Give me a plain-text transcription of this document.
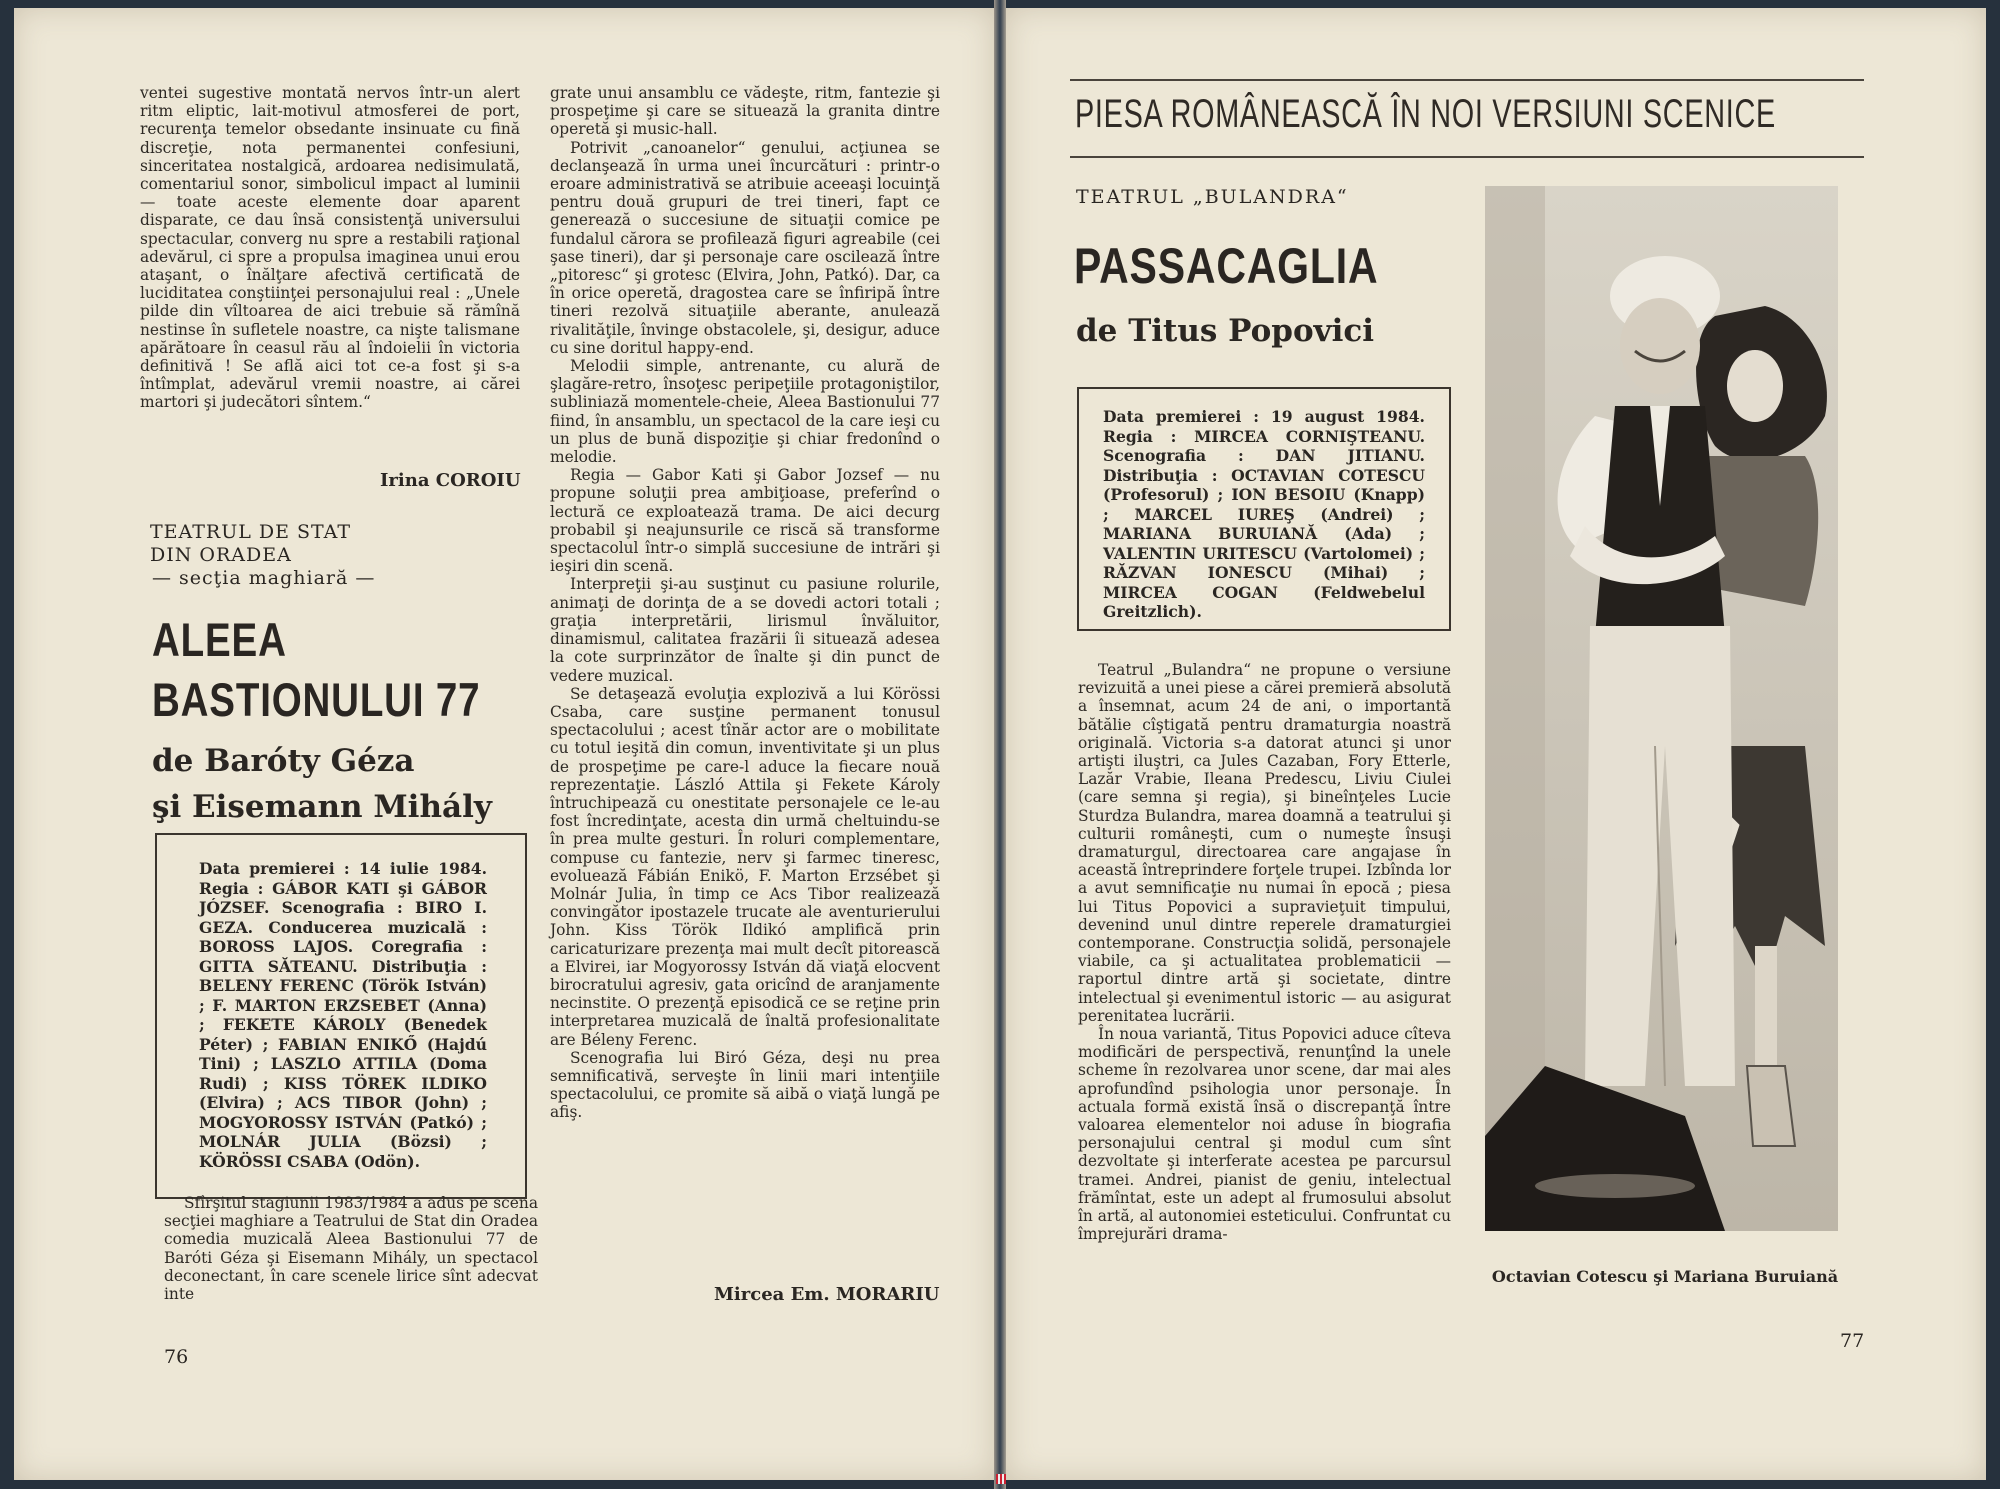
ventei sugestive montată nervos într-un alert ritm eliptic, lait-motivul atmosferei de port, recurenţa temelor obsedante insinuate cu fină discreţie, nota permanentei confesiuni, sinceritatea nostalgică, ardoarea nedisimulată, comentariul sonor, simbolicul impact al luminii — toate aceste elemente doar aparent disparate, ce dau însă consistenţă universului spectacular, converg nu spre a restabili raţional adevărul, ci spre a propulsa imaginea unui erou ataşant, o înălţare afectivă certificată de luciditatea conştiinţei personajului real : „Unele pilde din vîltoarea de aici trebuie să rămînă nestinse în sufletele noastre, ca nişte talismane apărătoare în ceasul rău al îndoielii în victoria definitivă ! Se află aici tot ce-a fost şi s-a întîmplat, adevărul vremii noastre, ai cărei martori şi judecători sîntem.“

Irina COROIU
TEATRUL DE STAT
DIN ORADEA
— secţia maghiară —
ALEEA
BASTIONULUI 77
de Baróty Géza
şi Eisemann Mihály
Data premierei : 14 iulie 1984. Regia : GÁBOR KATI şi GÁBOR JÓZSEF. Scenografia : BIRO I. GEZA. Conducerea muzicală : BOROSS LAJOS. Coregrafia : GITTA SĂTEANU. Distribuţia : BELENY FERENC (Török István) ; F. MARTON ERZSEBET (Anna) ; FEKETE KÁROLY (Benedek Péter) ; FABIAN ENIKŐ (Hajdú Tini) ; LASZLO ATTILA (Doma Rudi) ; KISS TÖREK ILDIKO (Elvira) ; ACS TIBOR (John) ; MOGYOROSSY ISTVÁN (Patkó) ; MOLNÁR JULIA (Bözsi) ; KÖRÖSSI CSABA (Odön).

Sfîrşitul stagiunii 1983/1984 a adus pe scena secţiei maghiare a Teatrului de Stat din Oradea comedia muzicală Aleea Bastionului 77 de Baróti Géza şi Eisemann Mihály, un spectacol deconectant, în care scenele lirice sînt adecvat inte

grate unui ansamblu ce vădeşte, ritm, fantezie şi prospeţime şi care se situează la granita dintre operetă şi music-hall.

Potrivit „canoanelor“ genului, acţiunea se declanşează în urma unei încurcături : printr-o eroare administrativă se atribuie aceeaşi locuinţă pentru două grupuri de trei tineri, fapt ce generează o succesiune de situaţii comice pe fundalul cărora se profilează figuri agreabile (cei şase tineri), dar şi personaje care oscilează între „pitoresc“ şi grotesc (Elvira, John, Patkó). Dar, ca în orice operetă, dragostea care se înfiripă între tineri rezolvă situaţiile aberante, anulează rivalităţile, învinge obstacolele, şi, desigur, aduce cu sine doritul happy-end.

Melodii simple, antrenante, cu alură de şlagăre-retro, însoţesc peripeţiile protagoniştilor, subliniază momentele-cheie, Aleea Bastionului 77 fiind, în ansamblu, un spectacol de la care ieşi cu un plus de bună dispoziţie şi chiar fredonînd o melodie.

Regia — Gabor Kati şi Gabor Jozsef — nu propune soluţii prea ambiţioase, preferînd o lectură ce exploatează trama. De aici decurg probabil şi neajunsurile ce riscă să transforme spectacolul într-o simplă succesiune de intrări şi ieşiri din scenă.

Interpreţii şi-au susţinut cu pasiune rolurile, animaţi de dorinţa de a se dovedi actori totali ; graţia interpretării, lirismul învăluitor, dinamismul, calitatea frazării îi situează adesea la cote surprinzător de înalte şi din punct de vedere muzical.

Se detaşează evoluţia explozivă a lui Körössi Csaba, care susţine permanent tonusul spectacolului ; acest tînăr actor are o mobilitate cu totul ieşită din comun, inventivitate şi un plus de prospeţime pe care-l aduce la fiecare nouă reprezentaţie. László Attila şi Fekete Károly întruchipează cu onestitate personajele ce le-au fost încredinţate, acesta din urmă cheltuindu-se în prea multe gesturi. În roluri complementare, compuse cu fantezie, nerv şi farmec tineresc, evoluează Fábián Enikö, F. Marton Erzsébet şi Molnár Julia, în timp ce Acs Tibor realizează convingător ipostazele trucate ale aventurierului John. Kiss Török Ildikó amplifică prin caricaturizare prezenţa mai mult decît pitorească a Elvirei, iar Mogyorossy István dă viaţă elocvent birocratului agresiv, gata oricînd de aranjamente necinstite. O prezenţă episodică ce se reţine prin interpretarea muzicală de înaltă profesionalitate are Béleny Ferenc.

Scenografia lui Biró Géza, deşi nu prea semnificativă, serveşte în linii mari intenţiile spectacolului, ce promite să aibă o viaţă lungă pe afiş.

Mircea Em. MORARIU
76
PIESA ROMÂNEASCĂ ÎN NOI VERSIUNI SCENICE
TEATRUL „BULANDRA“
PASSACAGLIA
de Titus Popovici
Data premierei : 19 august 1984. Regia : MIRCEA CORNIŞTEANU. Scenografia : DAN JITIANU. Distribuţia : OCTAVIAN COTESCU (Profesorul) ; ION BESOIU (Knapp) ; MARCEL IUREŞ (Andrei) ; MARIANA BURUIANĂ (Ada) ; VALENTIN URITESCU (Vartolomei) ; RĂZVAN IONESCU (Mihai) ; MIRCEA COGAN (Feldwebelul Greitzlich).

Teatrul „Bulandra“ ne propune o versiune revizuită a unei piese a cărei premieră absolută a însemnat, acum 24 de ani, o importantă bătălie cîştigată pentru dramaturgia noastră originală. Victoria s-a datorat atunci şi unor artişti iluştri, ca Jules Cazaban, Fory Etterle, Lazăr Vrabie, Ileana Predescu, Liviu Ciulei (care semna şi regia), şi bineînţeles Lucie Sturdza Bulandra, marea doamnă a teatrului şi culturii româneşti, cum o numeşte însuşi dramaturgul, directoarea care angajase în această întreprindere forţele trupei. Izbînda lor a avut semnificaţie nu numai în epocă ; piesa lui Titus Popovici a supravieţuit timpului, devenind unul dintre reperele dramaturgiei contemporane. Construcţia solidă, personajele viabile, ca şi actualitatea problematicii — raportul dintre artă şi societate, dintre intelectual şi evenimentul istoric — au asigurat perenitatea lucrării.

În noua variantă, Titus Popovici aduce cîteva modificări de perspectivă, renunţînd la unele scheme în rezolvarea unor scene, dar mai ales aprofundînd psihologia unor personaje. În actuala formă există însă o discrepanţă între valoarea elementelor noi aduse în biografia personajului central şi modul cum sînt dezvoltate şi interferate acestea pe parcursul tramei. Andrei, pianist de geniu, intelectual frămîntat, este un adept al frumosului absolut în artă, al autonomiei esteticului. Confruntat cu împrejurări drama-

Octavian Cotescu şi Mariana Buruiană
77
